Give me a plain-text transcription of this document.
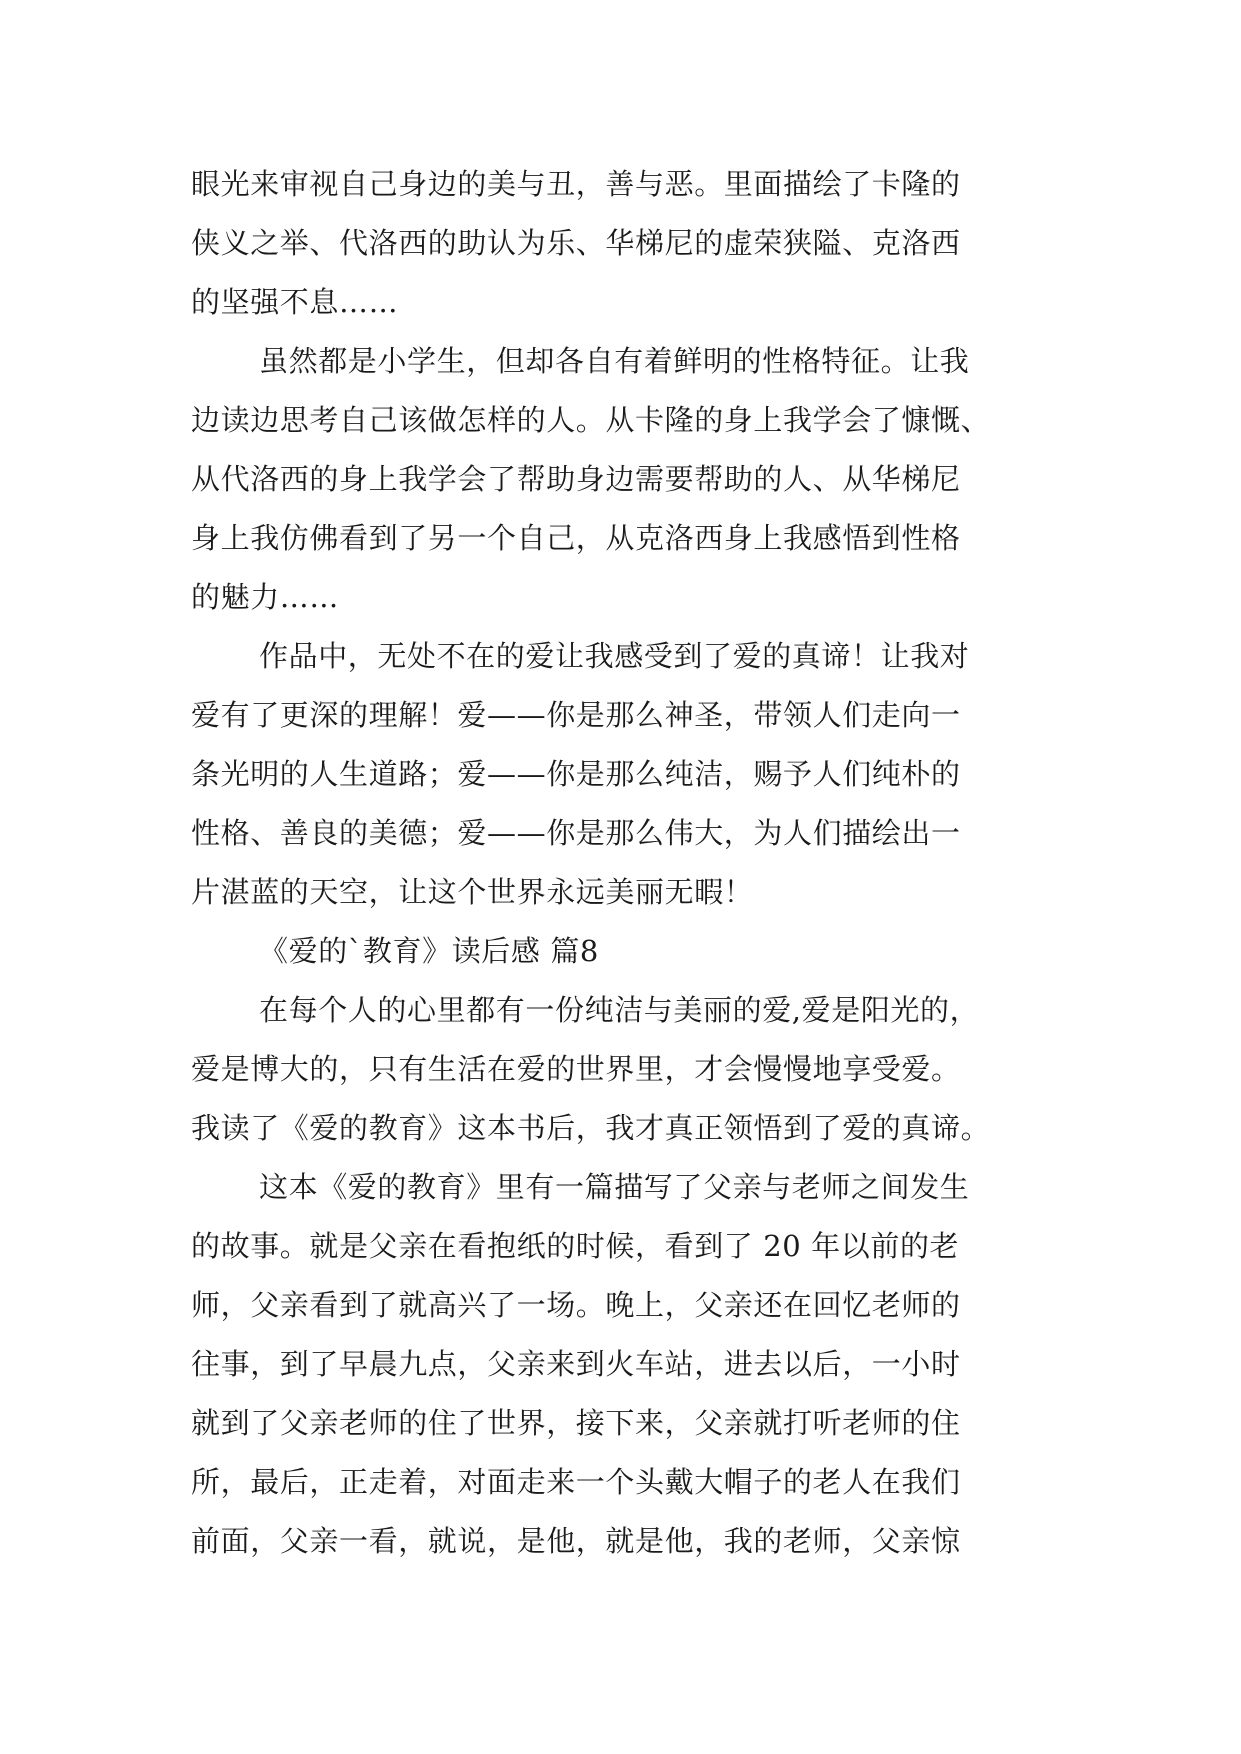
眼光来审视自己身边的美与丑，善与恶。里面描绘了卡隆的
侠义之举、代洛西的助认为乐、华梯尼的虚荣狭隘、克洛西
的坚强不息……
虽然都是小学生，但却各自有着鲜明的性格特征。让我
边读边思考自己该做怎样的人。从卡隆的身上我学会了慷慨、
从代洛西的身上我学会了帮助身边需要帮助的人、从华梯尼
身上我仿佛看到了另一个自己，从克洛西身上我感悟到性格
的魅力……
作品中，无处不在的爱让我感受到了爱的真谛！让我对
爱有了更深的理解！爱——你是那么神圣，带领人们走向一
条光明的人生道路；爱——你是那么纯洁，赐予人们纯朴的
性格、善良的美德；爱——你是那么伟大，为人们描绘出一
片湛蓝的天空，让这个世界永远美丽无暇！
《爱的`教育》读后感 篇8
在每个人的心里都有一份纯洁与美丽的爱,爱是阳光的，
爱是博大的，只有生活在爱的世界里，才会慢慢地享受爱。
我读了《爱的教育》这本书后，我才真正领悟到了爱的真谛。
这本《爱的教育》里有一篇描写了父亲与老师之间发生
的故事。就是父亲在看抱纸的时候，看到了 20 年以前的老
师，父亲看到了就高兴了一场。晚上，父亲还在回忆老师的
往事，到了早晨九点，父亲来到火车站，进去以后，一小时
就到了父亲老师的住了世界，接下来，父亲就打听老师的住
所，最后，正走着，对面走来一个头戴大帽子的老人在我们
前面，父亲一看，就说，是他，就是他，我的老师，父亲惊
